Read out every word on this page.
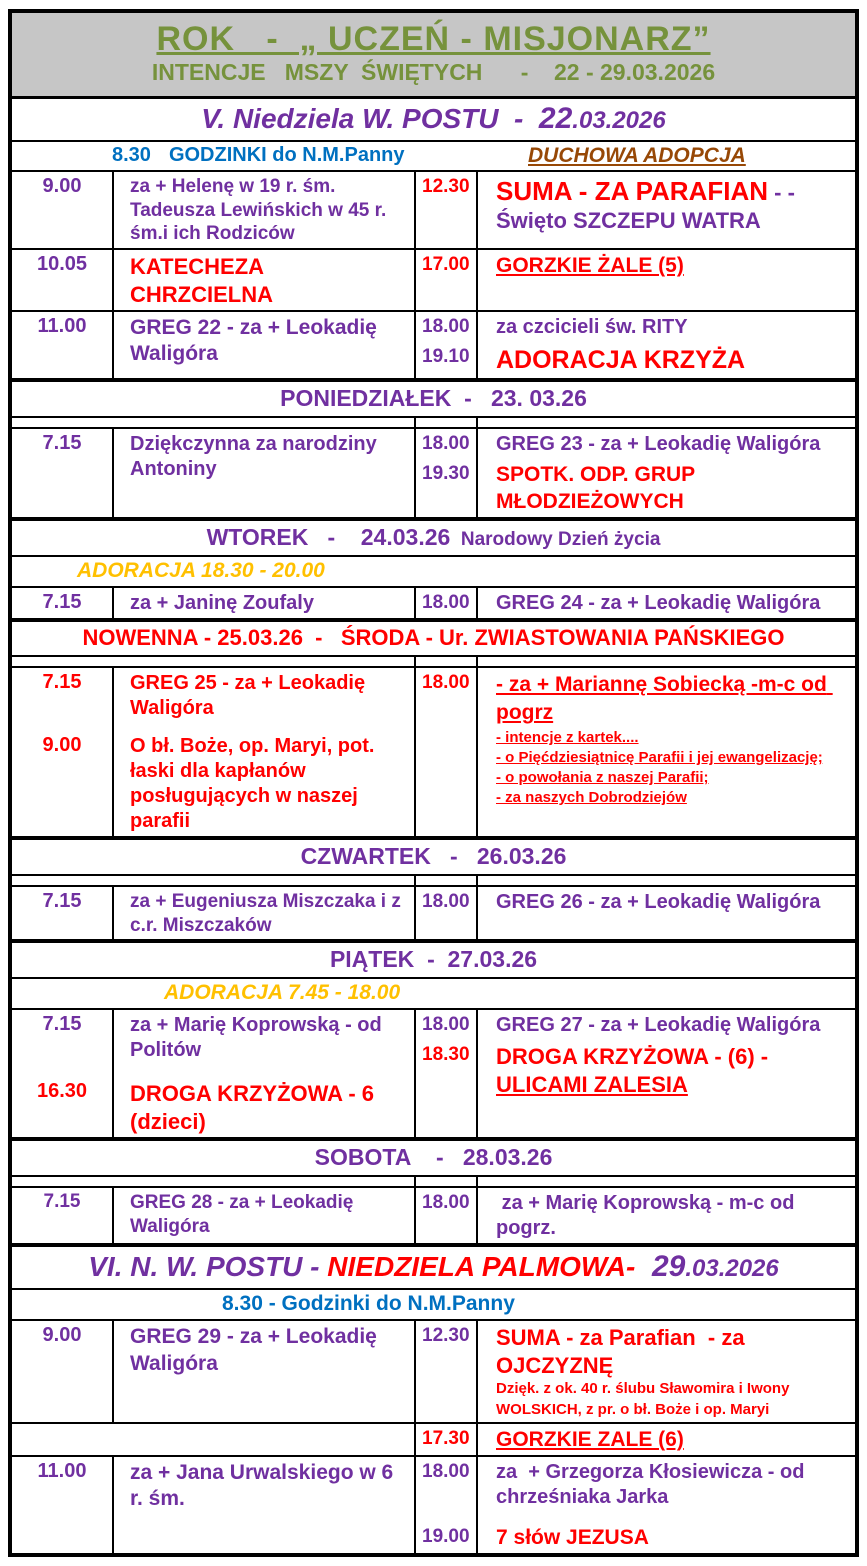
ROK   -  „ UCZEŃ - MISJONARZ”
INTENCJE   MSZY  ŚWIĘTYCH      -    22 - 29.03.2026
V. Niedziela W. POSTU  -  22.03.2026
8.30 GODZINKI do N.M.Panny	DUCHOWA ADOPCJA
9.00	za + Helenę w 19 r. śm. Tadeusza Lewińskich w 45 r. śm.i ich Rodziców
12.30	SUMA - ZA PARAFIAN - - Święto SZCZEPU WATRA
10.05	KATECHEZA CHRZCIELNA
17.00	GORZKIE ŻALE (5)
11.00	GREG 22 - za + Leokadię Waligóra
18.00	za czcicieli św. RITY
19.10	ADORACJA KRZYŻA
PONIEDZIAŁEK  -   23. 03.26
7.15	Dziękczynna za narodziny Antoniny
18.00	GREG 23 - za + Leokadię Waligóra
19.30	SPOTK. ODP. GRUP MŁODZIEŻOWYCH
WTOREK   -    24.03.26  Narodowy Dzień życia
ADORACJA 18.30 - 20.00
7.15	za + Janinę Zoufaly	18.00	GREG 24 - za + Leokadię Waligóra
NOWENNA - 25.03.26  -   ŚRODA - Ur. ZWIASTOWANIA PAŃSKIEGO
7.15	GREG 25 - za + Leokadię Waligóra
9.00	O bł. Boże, op. Maryi, pot. łaski dla kapłanów posługujących w naszej parafii
18.00	- za + Mariannę Sobiecką -m-c od pogrz
- intencje z kartek....
- o Pięćdziesiątnicę Parafii i jej ewangelizację;
- o powołania z naszej Parafii;
- za naszych Dobrodziejów
CZWARTEK   -   26.03.26
7.15	za + Eugeniusza Miszczaka i z c.r. Miszczaków
18.00	GREG 26 - za + Leokadię Waligóra
PIĄTEK  -  27.03.26
ADORACJA 7.45 - 18.00
7.15	za + Marię Koprowską - od Politów
16.30	DROGA KRZYŻOWA - 6 (dzieci)
18.00	GREG 27 - za + Leokadię Waligóra
18.30	DROGA KRZYŻOWA - (6) -   ULICAMI ZALESIA
SOBOTA    -   28.03.26
7.15	GREG 28 - za + Leokadię Waligóra
18.00	za + Marię Koprowską - m-c od pogrz.
VI. N. W. POSTU - NIEDZIELA PALMOWA-  29.03.2026
8.30 - Godzinki do N.M.Panny
9.00	GREG 29 - za + Leokadię Waligóra
12.30	SUMA - za Parafian  - za OJCZYZNĘ
Dzięk. z ok. 40 r. ślubu Sławomira i Iwony WOLSKICH, z pr. o bł. Boże i op. Maryi
17.30	GORZKIE ZALE (6)
11.00	za + Jana Urwalskiego w 6 r. śm.
18.00	za  + Grzegorza Kłosiewicza - od chrześniaka Jarka
19.00	7 słów JEZUSA
